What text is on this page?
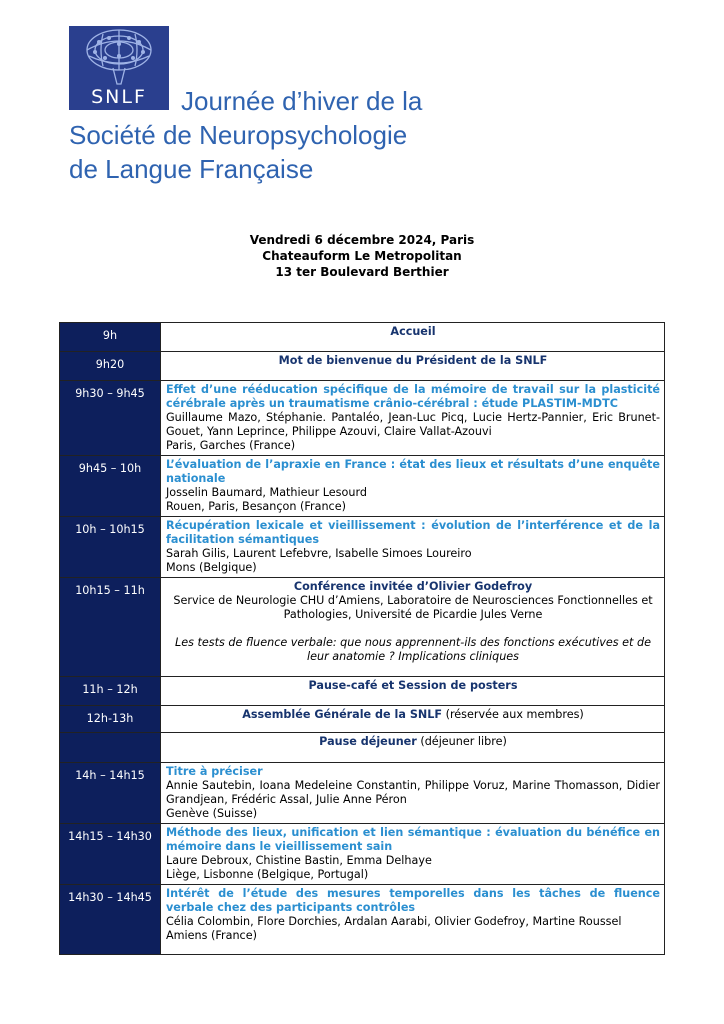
SNLF	Journée d’hiver de la
Société de Neuropsychologie
de Langue Française
Vendredi 6 décembre 2024, Paris
Chateauform Le Metropolitan
13 ter Boulevard Berthier
9h	Accueil

9h20	Mot de bienvenue du Président de la SNLF

9h30 – 9h45	Effet d’une rééducation spécifique de la mémoire de travail sur la plasticité cérébrale après un traumatisme crânio-cérébral : étude PLASTIM-MDTC
Guillaume Mazo, Stéphanie. Pantaléo, Jean-Luc Picq, Lucie Hertz-Pannier, Eric Brunet-Gouet, Yann Leprince, Philippe Azouvi, Claire Vallat-Azouvi
Paris, Garches (France)

9h45 – 10h	L’évaluation de l’apraxie en France : état des lieux et résultats d’une enquête nationale
Josselin Baumard, Mathieur Lesourd
Rouen, Paris, Besançon (France)

10h – 10h15	Récupération lexicale et vieillissement : évolution de l’interférence et de la facilitation sémantiques
Sarah Gilis, Laurent Lefebvre, Isabelle Simoes Loureiro
Mons (Belgique)

10h15 – 11h	Conférence invitée d’Olivier Godefroy
Service de Neurologie CHU d’Amiens, Laboratoire de Neurosciences Fonctionnelles et Pathologies, Université de Picardie Jules Verne
Les tests de fluence verbale: que nous apprennent-ils des fonctions exécutives et de leur anatomie ? Implications cliniques

11h – 12h	Pause-café et Session de posters

12h-13h	Assemblée Générale de la SNLF (réservée aux membres)
	Pause déjeuner (déjeuner libre)
14h – 14h15	Titre à préciser
Annie Sautebin, Ioana Medeleine Constantin, Philippe Voruz, Marine Thomasson, Didier Grandjean, Frédéric Assal, Julie Anne Péron
Genève (Suisse)

14h15 – 14h30	Méthode des lieux, unification et lien sémantique : évaluation du bénéfice en mémoire dans le vieillissement sain
Laure Debroux, Chistine Bastin, Emma Delhaye
Liège, Lisbonne (Belgique, Portugal)

14h30 – 14h45	Intérêt de l’étude des mesures temporelles dans les tâches de fluence verbale chez des participants contrôles
Célia Colombin, Flore Dorchies, Ardalan Aarabi, Olivier Godefroy, Martine Roussel
Amiens (France)
